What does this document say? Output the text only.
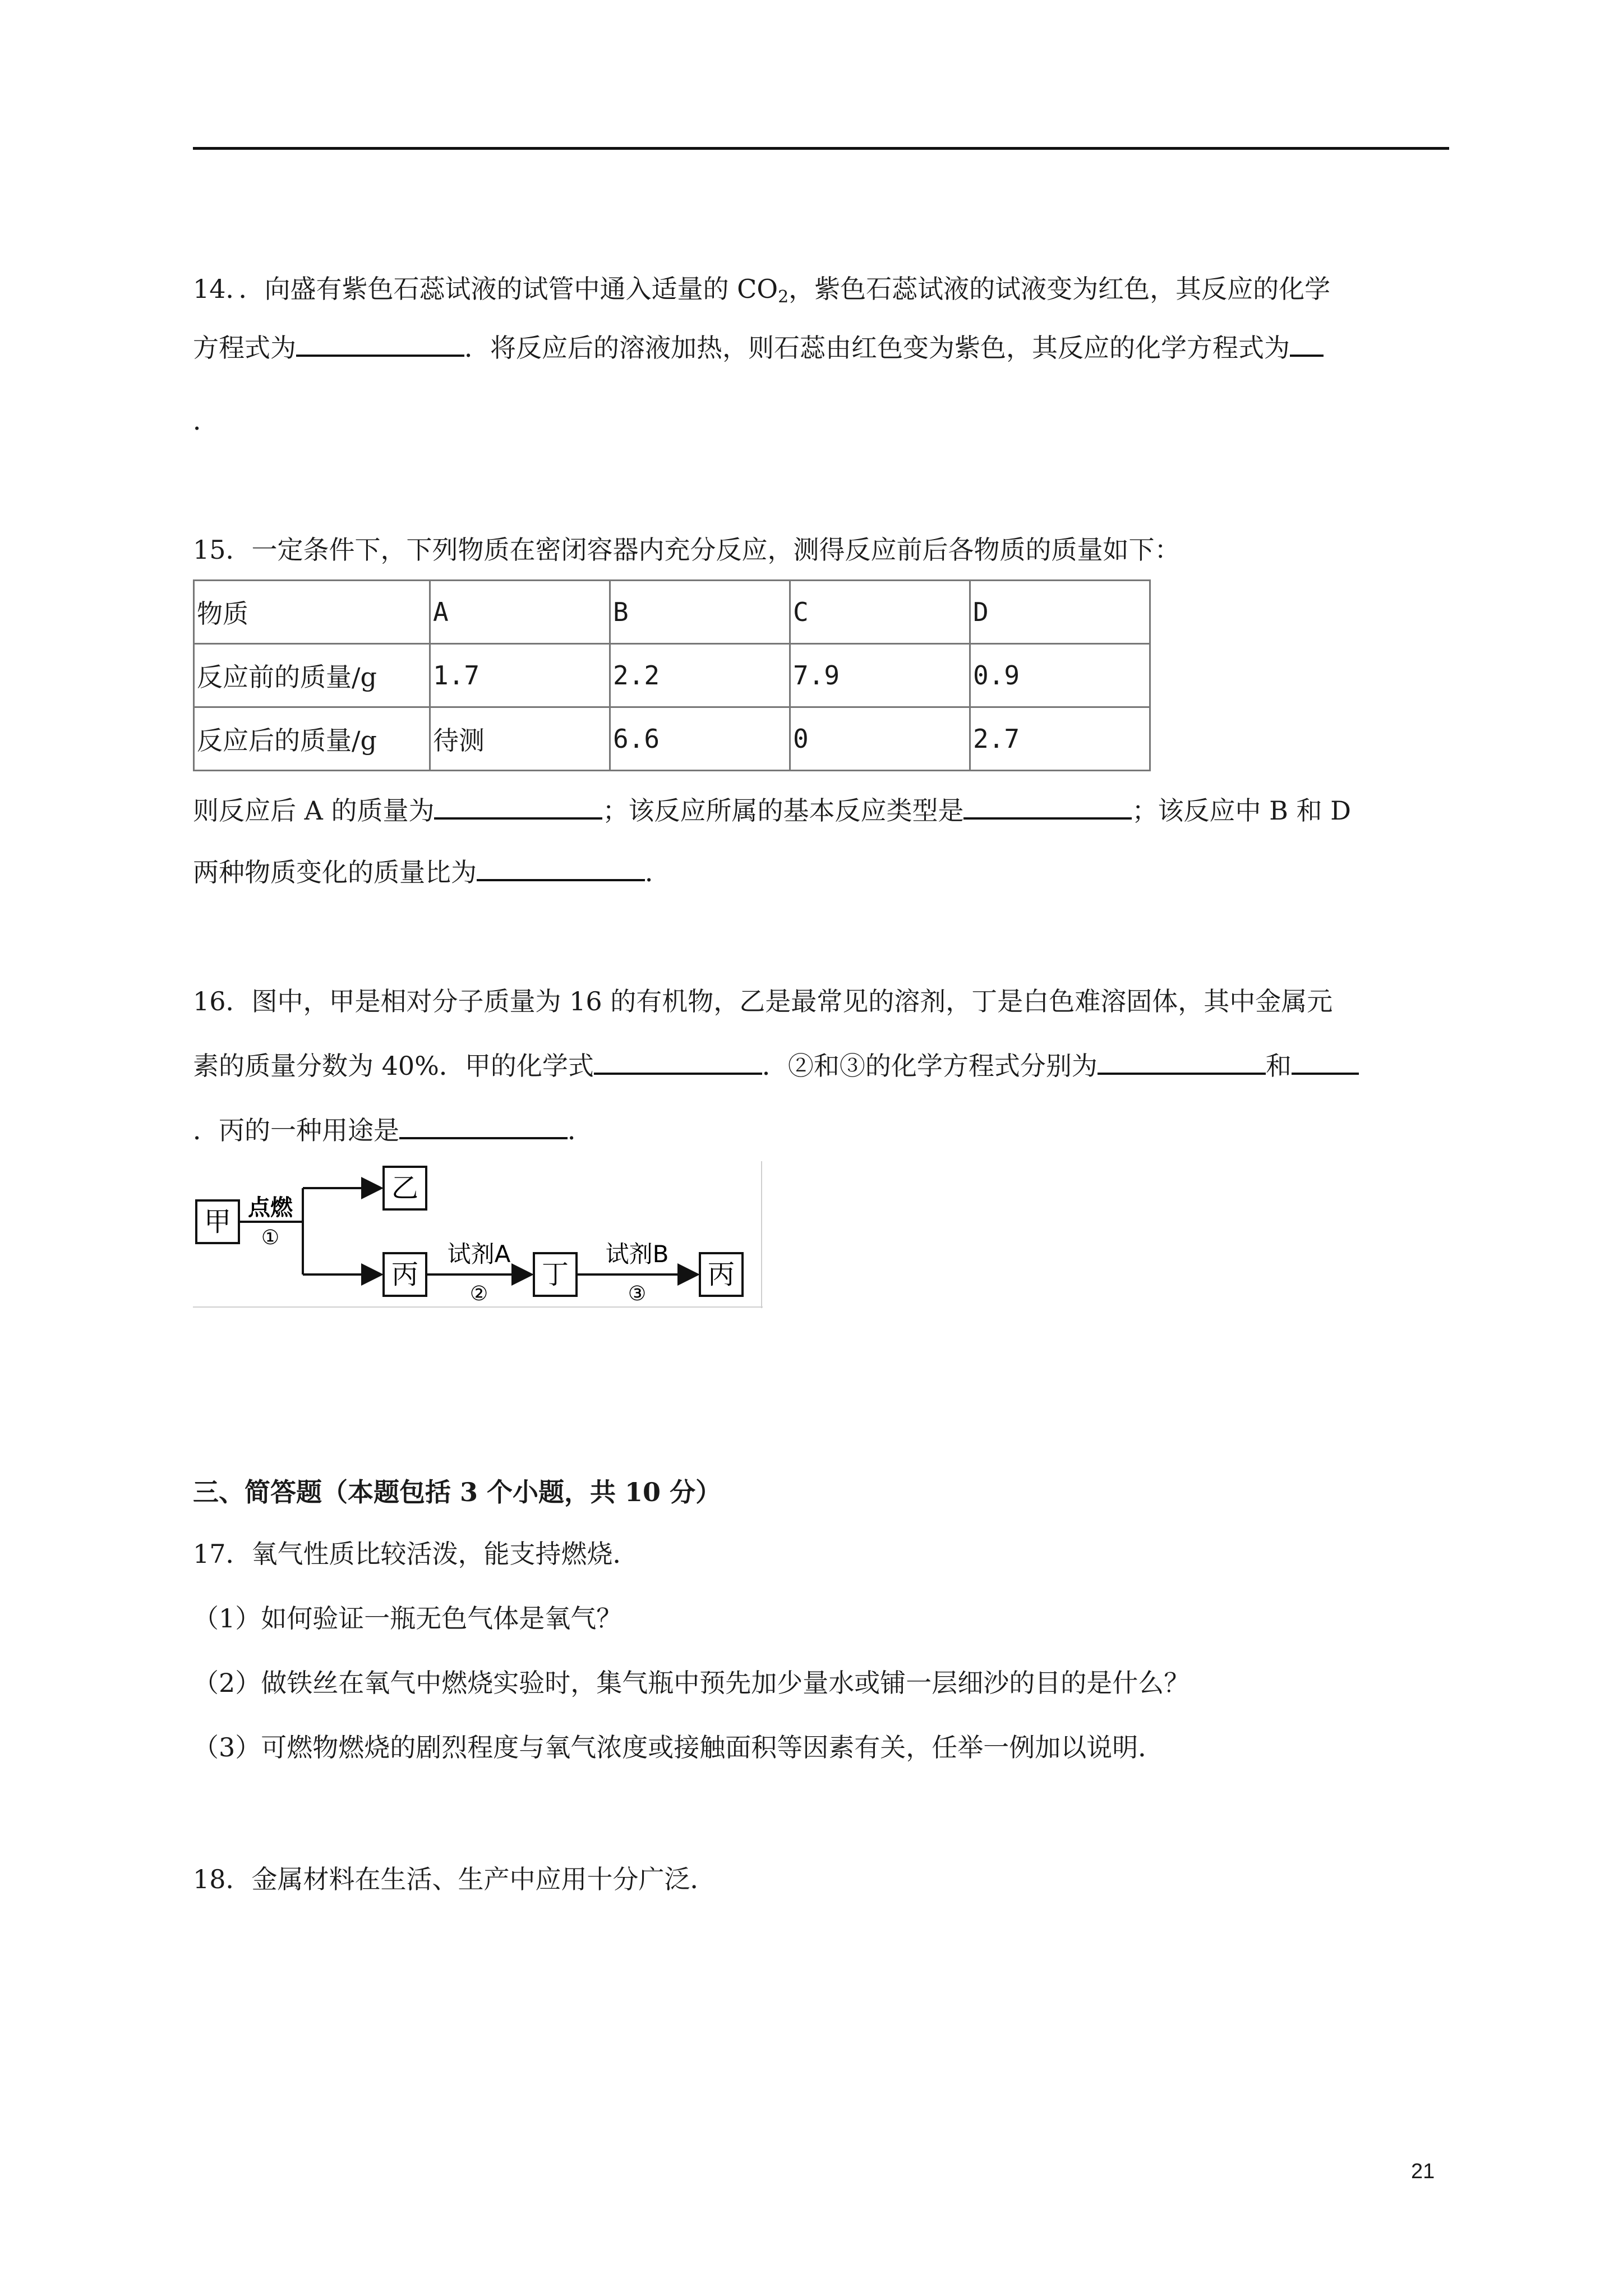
14．．向盛有紫色石蕊试液的试管中通入适量的 $CO_2$，紫色石蕊试液的试液变为红色，其反应的化学
方程式为	．将反应后的溶液加热，则石蕊由红色变为紫色，其反应的化学方程式为
．
15．一定条件下，下列物质在密闭容器内充分反应，测得反应前后各物质的质量如下：
物质	A	B	C	D
反应前的质量/g	1.7	2.2	7.9	0.9
反应后的质量/g	待测	6.6	0	2.7
则反应后 A 的质量为	；该反应所属的基本反应类型是	；该反应中 B 和 D
两种物质变化的质量比为	．
16．图中，甲是相对分子质量为 16 的有机物，乙是最常见的溶剂，丁是白色难溶固体，其中金属元
素的质量分数为 40%．甲的化学式	．②和③的化学方程式分别为	和
．丙的一种用途是	．
甲 点燃
①
乙
丙
试剂A
②
丁
试剂B
③
丙
三、简答题（本题包括 3 个小题，共 10 分）
17．氧气性质比较活泼，能支持燃烧．
（1）如何验证一瓶无色气体是氧气？
（2）做铁丝在氧气中燃烧实验时，集气瓶中预先加少量水或铺一层细沙的目的是什么？
（3）可燃物燃烧的剧烈程度与氧气浓度或接触面积等因素有关，任举一例加以说明．
18．金属材料在生活、生产中应用十分广泛．
21
